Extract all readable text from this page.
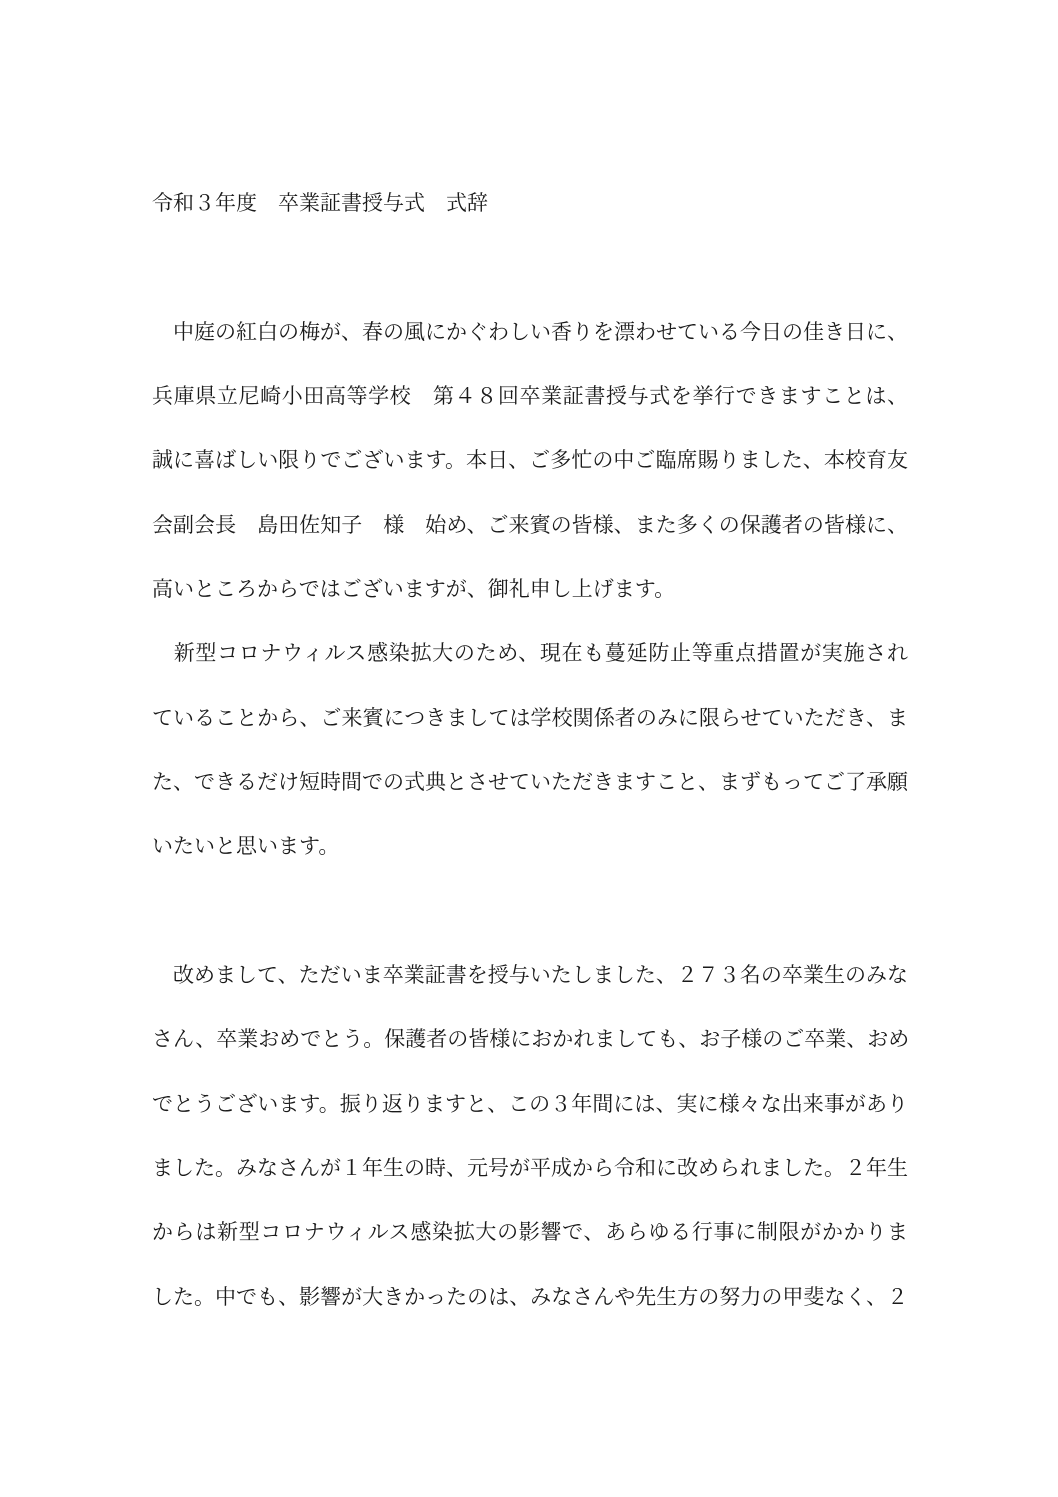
令和３年度　卒業証書授与式　式辞
　中庭の紅白の梅が、春の風にかぐわしい香りを漂わせている今日の佳き日に、
兵庫県立尼崎小田高等学校　第４８回卒業証書授与式を挙行できますことは、
誠に喜ばしい限りでございます。本日、ご多忙の中ご臨席賜りました、本校育友
会副会長　島田佐知子　様　始め、ご来賓の皆様、また多くの保護者の皆様に、
高いところからではございますが、御礼申し上げます。
　新型コロナウィルス感染拡大のため、現在も蔓延防止等重点措置が実施され
ていることから、ご来賓につきましては学校関係者のみに限らせていただき、ま
た、できるだけ短時間での式典とさせていただきますこと、まずもってご了承願
いたいと思います。
　改めまして、ただいま卒業証書を授与いたしました、２７３名の卒業生のみな
さん、卒業おめでとう。保護者の皆様におかれましても、お子様のご卒業、おめ
でとうございます。振り返りますと、この３年間には、実に様々な出来事があり
ました。みなさんが１年生の時、元号が平成から令和に改められました。２年生
からは新型コロナウィルス感染拡大の影響で、あらゆる行事に制限がかかりま
した。中でも、影響が大きかったのは、みなさんや先生方の努力の甲斐なく、２
